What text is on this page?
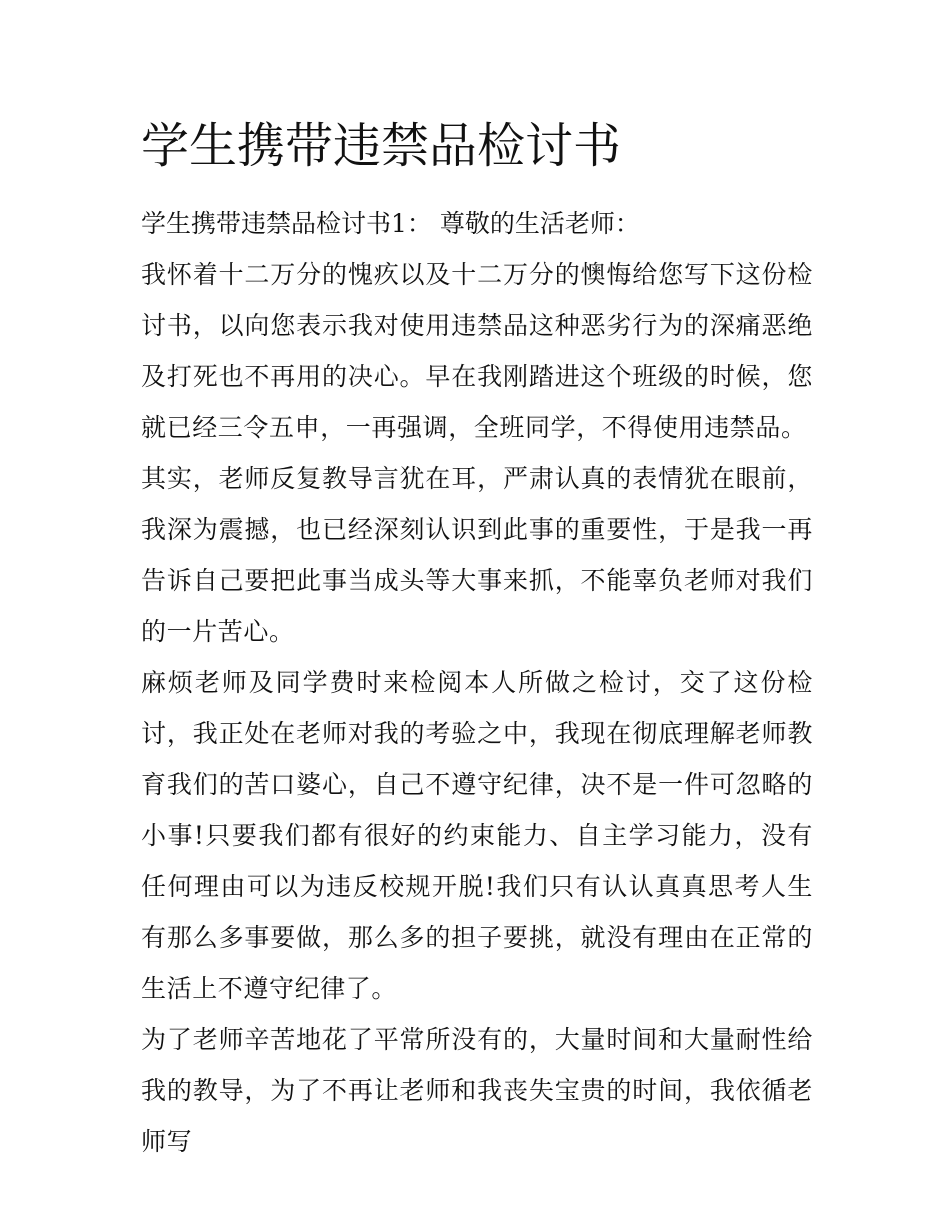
学生携带违禁品检讨书

学生携带违禁品检讨书1： 尊敬的生活老师：

我怀着十二万分的愧疚以及十二万分的懊悔给您写下这份检讨书，以向您表示我对使用违禁品这种恶劣行为的深痛恶绝及打死也不再用的决心。早在我刚踏进这个班级的时候，您就已经三令五申，一再强调，全班同学，不得使用违禁品。

其实，老师反复教导言犹在耳，严肃认真的表情犹在眼前，我深为震撼，也已经深刻认识到此事的重要性，于是我一再告诉自己要把此事当成头等大事来抓，不能辜负老师对我们的一片苦心。

麻烦老师及同学费时来检阅本人所做之检讨，交了这份检讨，我正处在老师对我的考验之中，我现在彻底理解老师教育我们的苦口婆心，自己不遵守纪律，决不是一件可忽略的小事!只要我们都有很好的约束能力、自主学习能力，没有任何理由可以为违反校规开脱!我们只有认认真真思考人生有那么多事要做，那么多的担子要挑，就没有理由在正常的生活上不遵守纪律了。

为了老师辛苦地花了平常所没有的，大量时间和大量耐性给我的教导，为了不再让老师和我丧失宝贵的时间，我依循老师写
